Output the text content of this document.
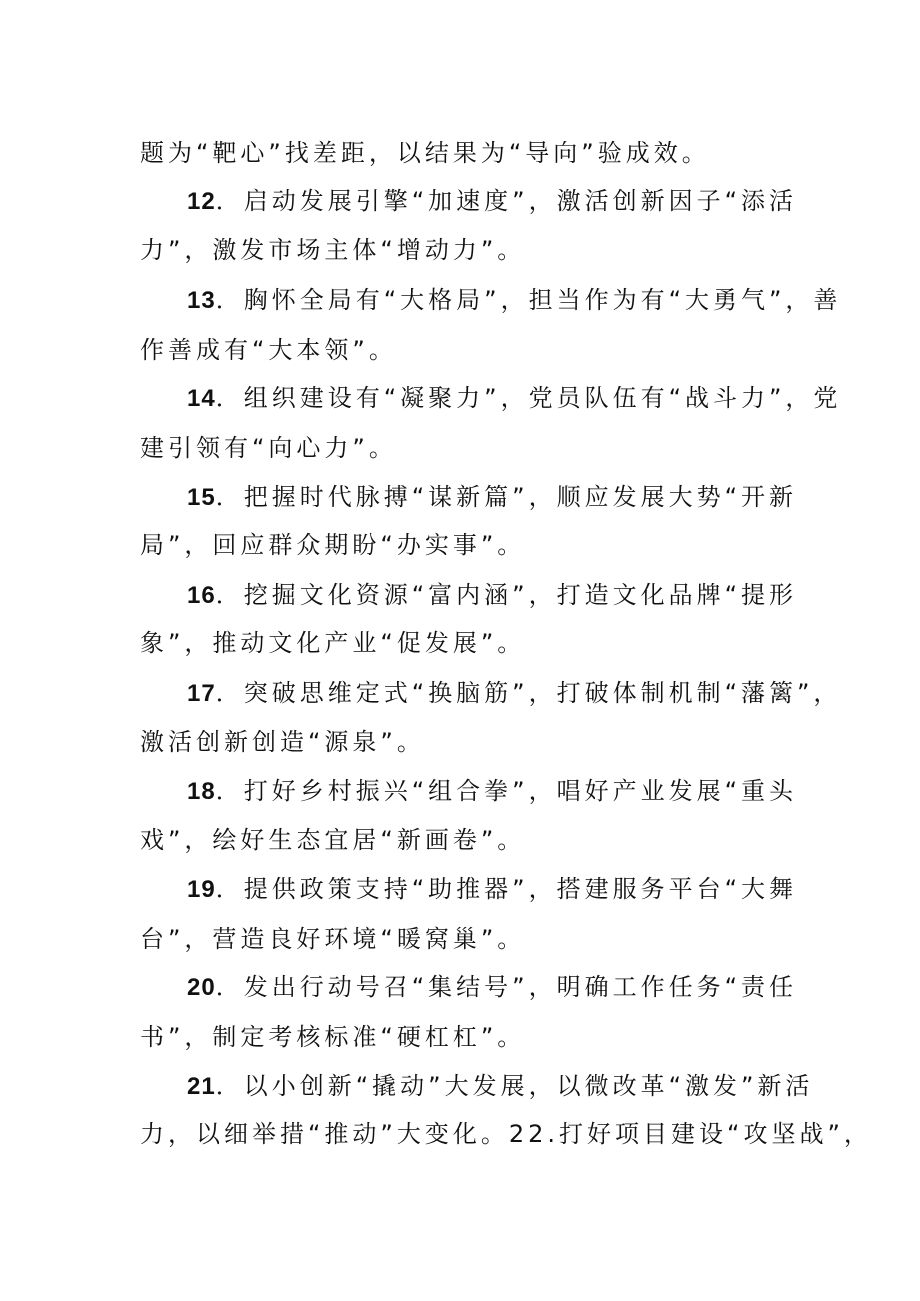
题为“靶心”找差距，以结果为“导向”验成效。
12．启动发展引擎“加速度”，激活创新因子“添活
力”，激发市场主体“增动力”。
13．胸怀全局有“大格局”，担当作为有“大勇气”，善
作善成有“大本领”。
14．组织建设有“凝聚力”，党员队伍有“战斗力”，党
建引领有“向心力”。
15．把握时代脉搏“谋新篇”，顺应发展大势“开新
局”，回应群众期盼“办实事”。
16．挖掘文化资源“富内涵”，打造文化品牌“提形
象”，推动文化产业“促发展”。
17．突破思维定式“换脑筋”，打破体制机制“藩篱”，
激活创新创造“源泉”。
18．打好乡村振兴“组合拳”，唱好产业发展“重头
戏”，绘好生态宜居“新画卷”。
19．提供政策支持“助推器”，搭建服务平台“大舞
台”，营造良好环境“暖窝巢”。
20．发出行动号召“集结号”，明确工作任务“责任
书”，制定考核标准“硬杠杠”。
21．以小创新“撬动”大发展，以微改革“激发”新活
力，以细举措“推动”大变化。22.打好项目建设“攻坚战”，
